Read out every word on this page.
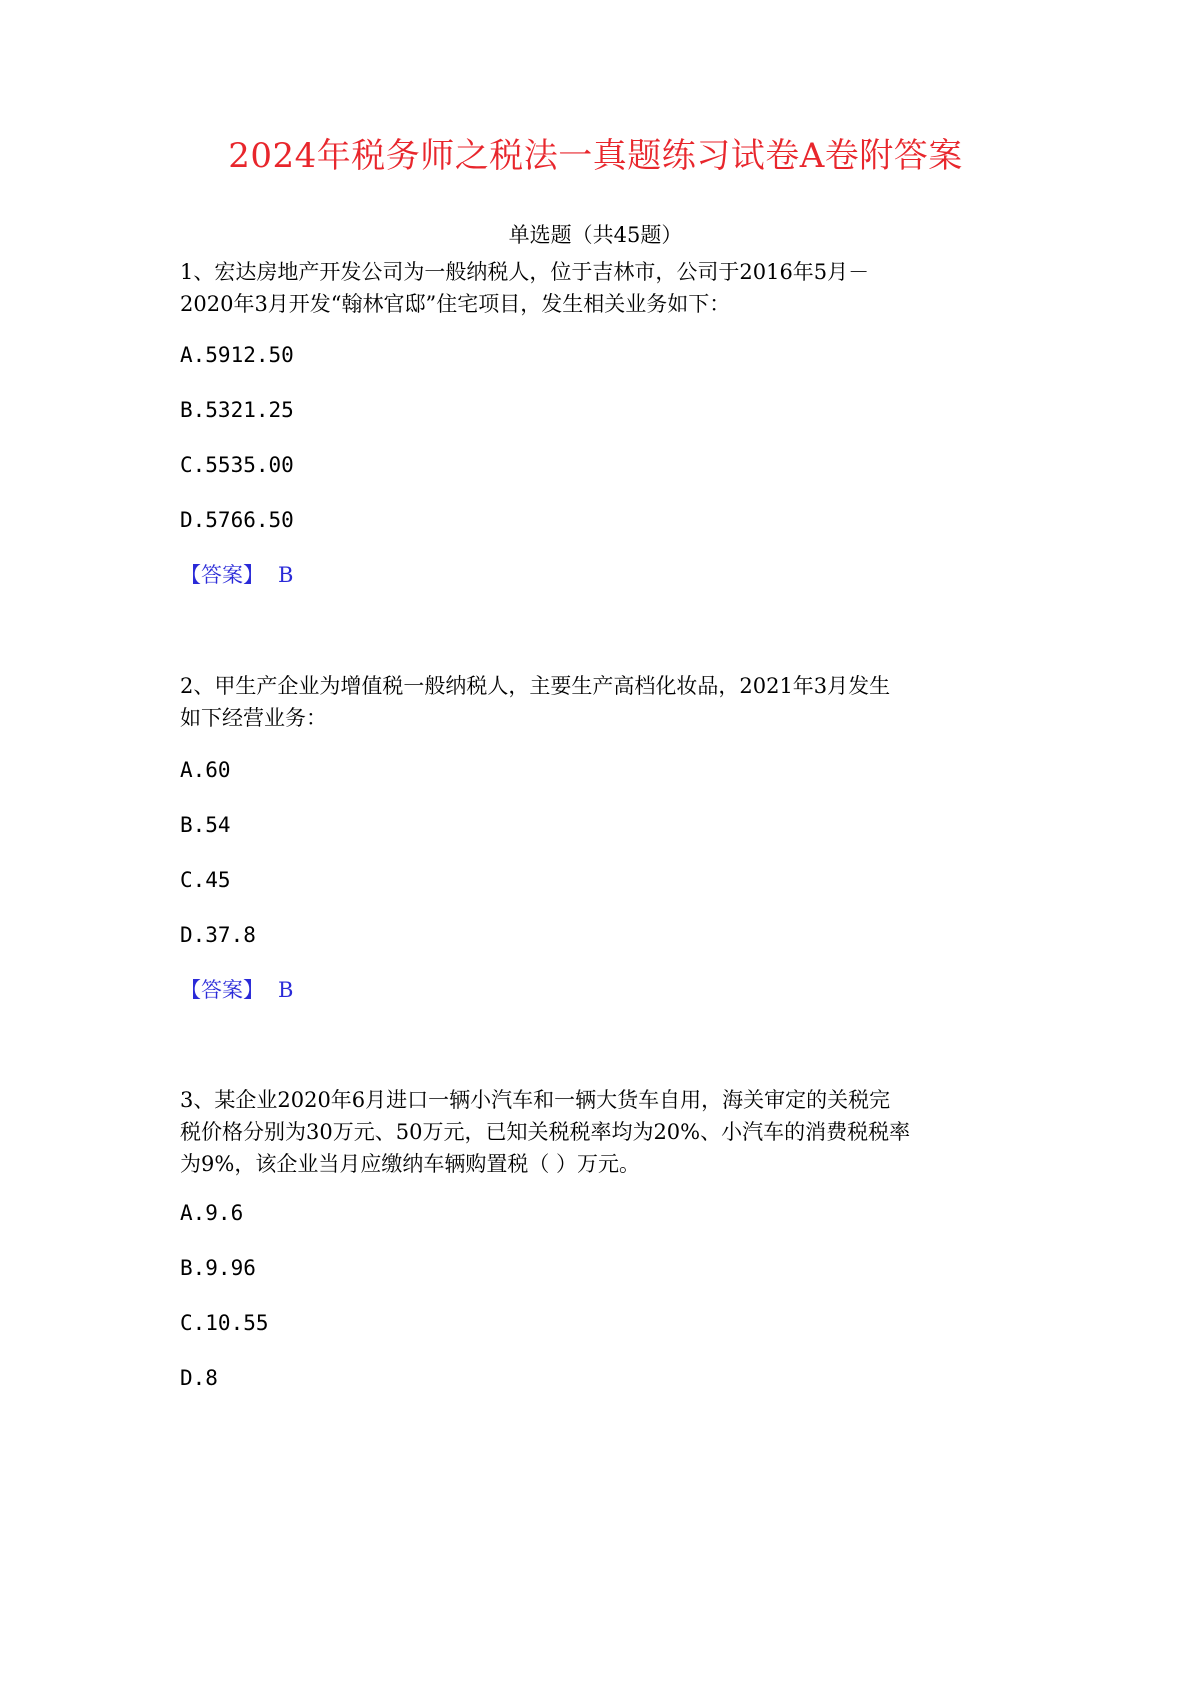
2024年税务师之税法一真题练习试卷A卷附答案
单选题（共45题）

1、宏达房地产开发公司为一般纳税人，位于吉林市，公司于2016年5月－

2020年3月开发“翰林官邸”住宅项目，发生相关业务如下：

A.5912.50
B.5321.25
C.5535.00
D.5766.50
【答案】 B

2、甲生产企业为增值税一般纳税人，主要生产高档化妆品，2021年3月发生

如下经营业务：

A.60
B.54
C.45
D.37.8
【答案】 B

3、某企业2020年6月进口一辆小汽车和一辆大货车自用，海关审定的关税完

税价格分别为30万元、50万元，已知关税税率均为20%、小汽车的消费税税率

为9%，该企业当月应缴纳车辆购置税（ ）万元。

A.9.6
B.9.96
C.10.55
D.8
